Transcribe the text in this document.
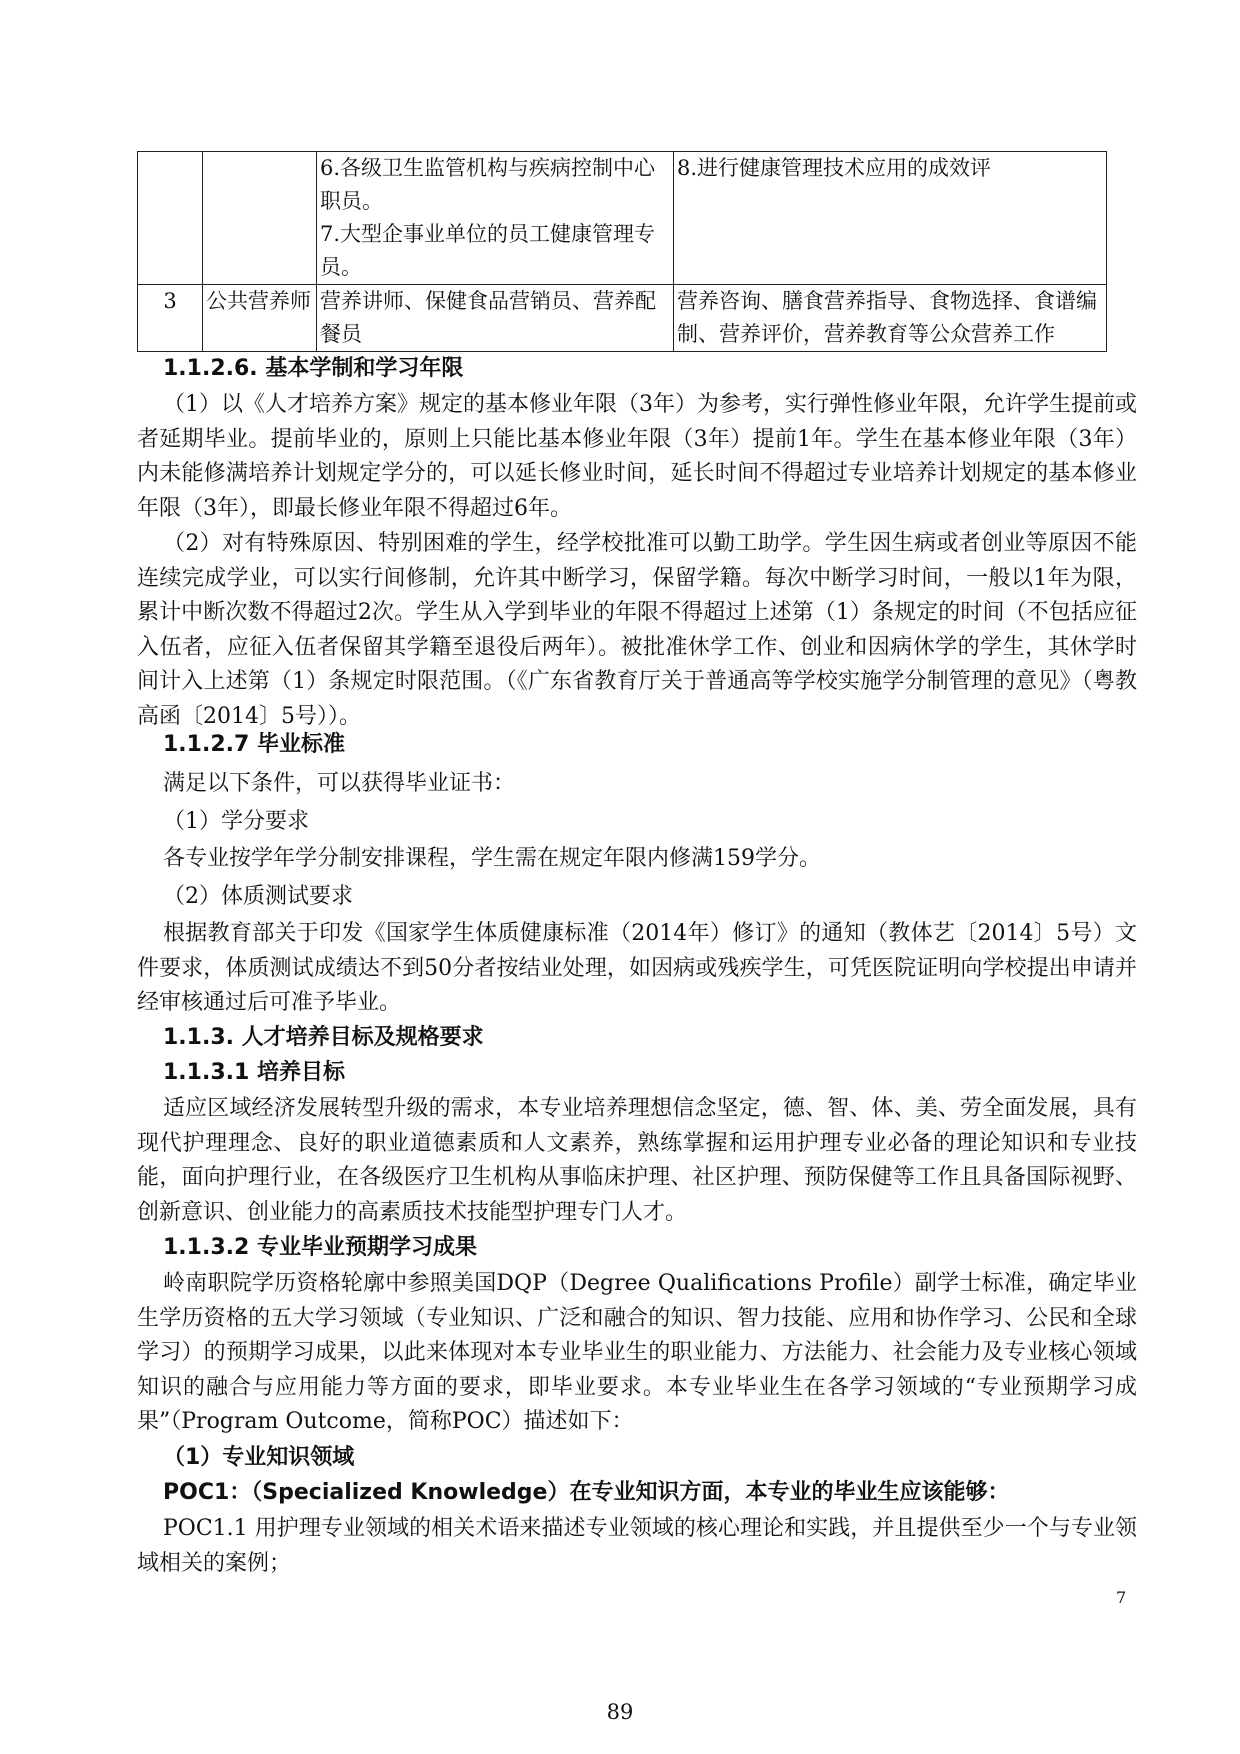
		6.各级卫生监管机构与疾病控制中心
职员。
7.大型企事业单位的员工健康管理专
员。	8.进行健康管理技术应用的成效评

3	公共营养师	营养讲师、保健食品营销员、营养配
餐员	营养咨询、膳食营养指导、食物选择、食谱编
制、营养评价，营养教育等公众营养工作
1.1.2.6. 基本学制和学习年限
（1）以《人才培养方案》规定的基本修业年限（3年）为参考，实行弹性修业年限，允许学生提前或者延期毕业。提前毕业的，原则上只能比基本修业年限（3年）提前1年。学生在基本修业年限（3年）内未能修满培养计划规定学分的，可以延长修业时间，延长时间不得超过专业培养计划规定的基本修业年限（3年），即最长修业年限不得超过6年。
（2）对有特殊原因、特别困难的学生，经学校批准可以勤工助学。学生因生病或者创业等原因不能连续完成学业，可以实行间修制，允许其中断学习，保留学籍。每次中断学习时间，一般以1年为限，累计中断次数不得超过2次。学生从入学到毕业的年限不得超过上述第（1）条规定的时间（不包括应征入伍者，应征入伍者保留其学籍至退役后两年）。被批准休学工作、创业和因病休学的学生，其休学时间计入上述第（1）条规定时限范围。（《广东省教育厅关于普通高等学校实施学分制管理的意见》（粤教高函〔2014〕5号））。
1.1.2.7 毕业标准
满足以下条件，可以获得毕业证书：
（1）学分要求
各专业按学年学分制安排课程，学生需在规定年限内修满159学分。
（2）体质测试要求
根据教育部关于印发《国家学生体质健康标准（2014年）修订》的通知（教体艺〔2014〕5号）文件要求，体质测试成绩达不到50分者按结业处理，如因病或残疾学生，可凭医院证明向学校提出申请并经审核通过后可准予毕业。
1.1.3. 人才培养目标及规格要求
1.1.3.1 培养目标
适应区域经济发展转型升级的需求，本专业培养理想信念坚定，德、智、体、美、劳全面发展，具有现代护理理念、良好的职业道德素质和人文素养，熟练掌握和运用护理专业必备的理论知识和专业技能，面向护理行业，在各级医疗卫生机构从事临床护理、社区护理、预防保健等工作且具备国际视野、创新意识、创业能力的高素质技术技能型护理专门人才。
1.1.3.2 专业毕业预期学习成果
岭南职院学历资格轮廓中参照美国DQP（Degree Qualifications Profile）副学士标准，确定毕业生学历资格的五大学习领域（专业知识、广泛和融合的知识、智力技能、应用和协作学习、公民和全球学习）的预期学习成果，以此来体现对本专业毕业生的职业能力、方法能力、社会能力及专业核心领域知识的融合与应用能力等方面的要求，即毕业要求。本专业毕业生在各学习领域的“专业预期学习成果”（Program Outcome，简称POC）描述如下：
（1）专业知识领域
POC1：（Specialized Knowledge）在专业知识方面，本专业的毕业生应该能够：
POC1.1 用护理专业领域的相关术语来描述专业领域的核心理论和实践，并且提供至少一个与专业领域相关的案例；
7
89
